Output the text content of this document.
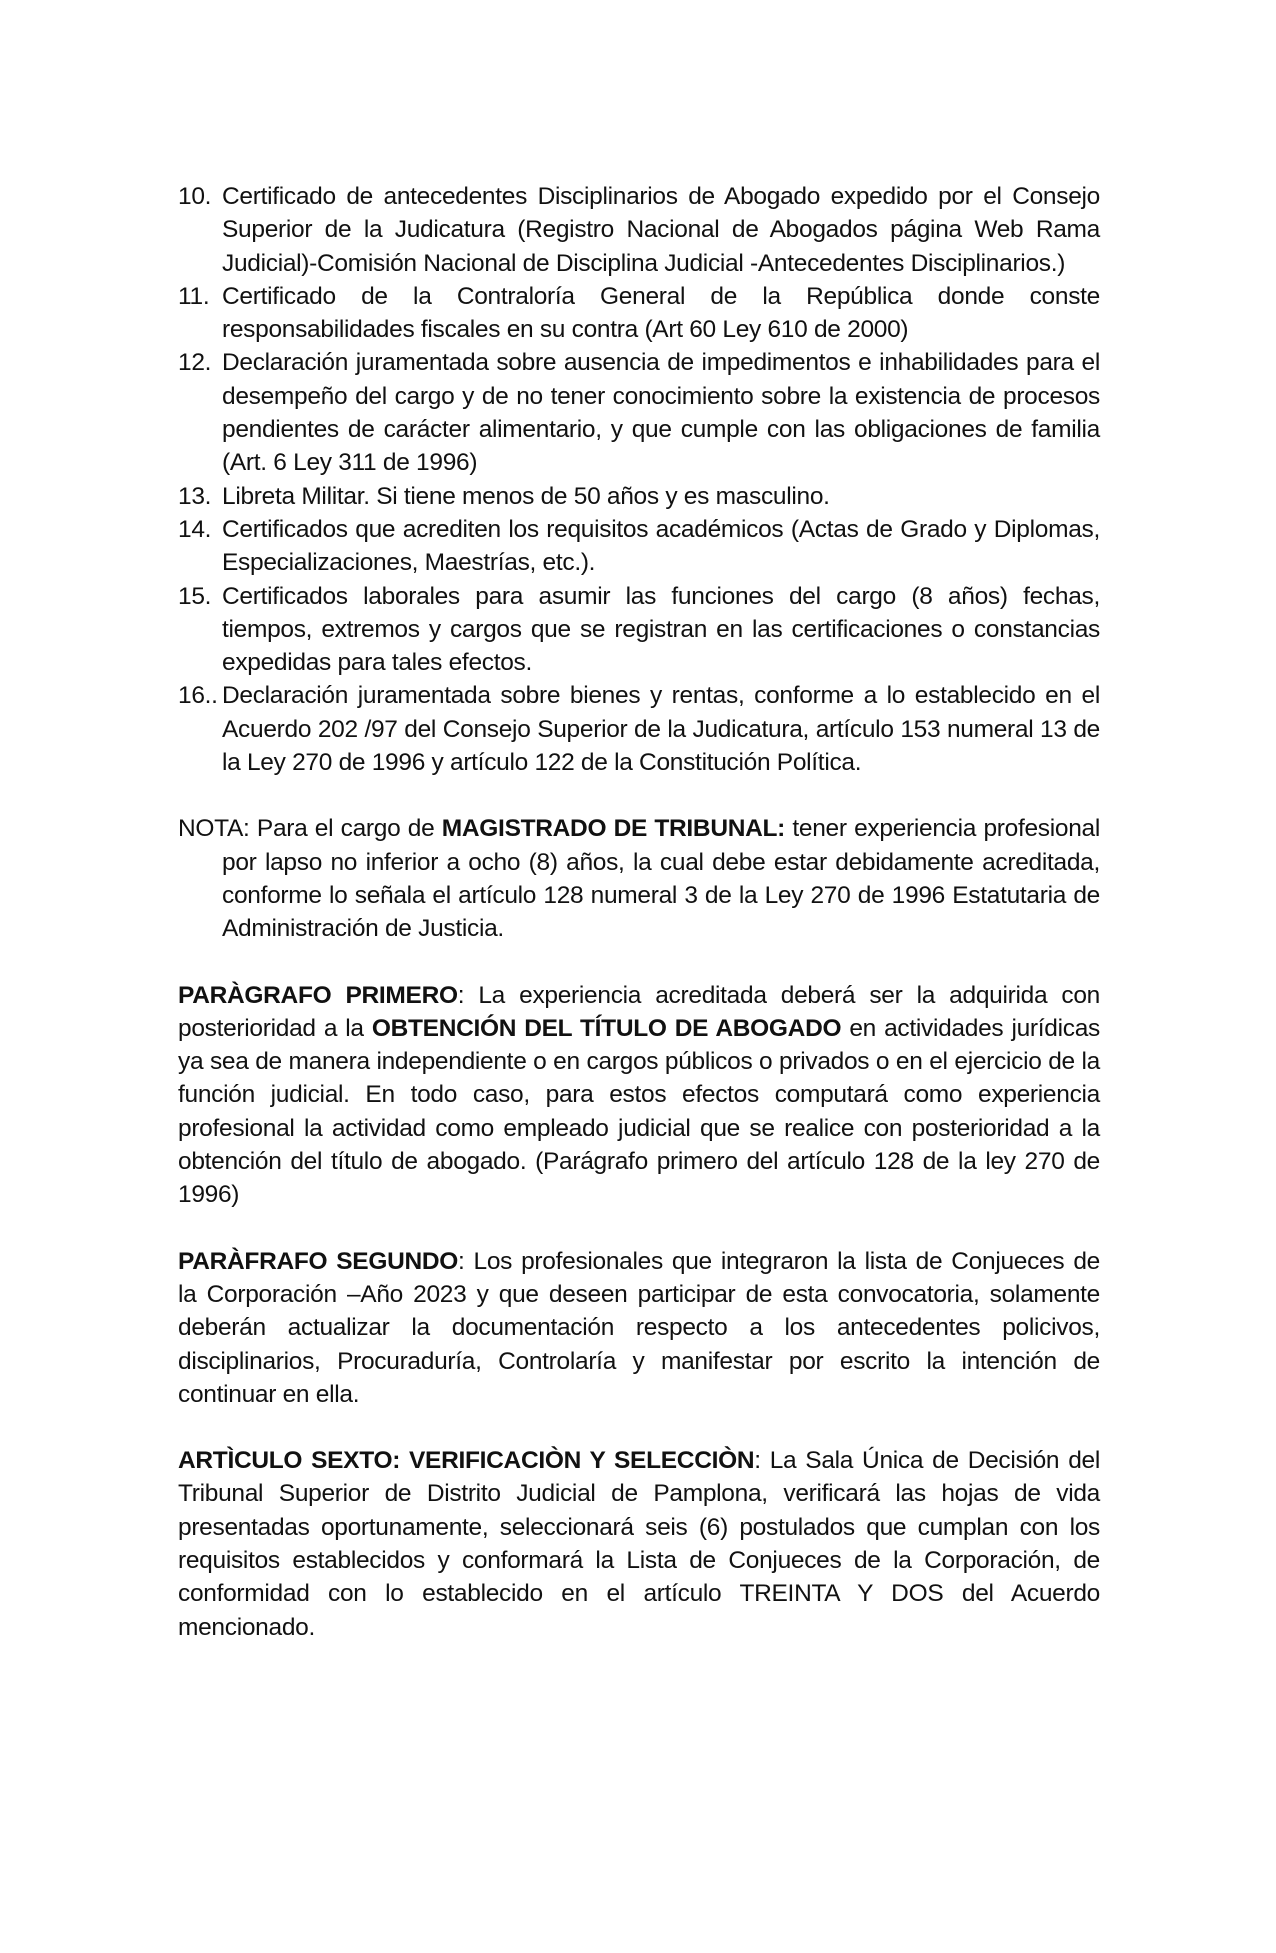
10. Certificado de antecedentes Disciplinarios de Abogado expedido por el Consejo Superior de la Judicatura (Registro Nacional de Abogados página Web Rama Judicial)-Comisión Nacional de Disciplina Judicial -Antecedentes Disciplinarios.)
11. Certificado de la Contraloría General de la República donde conste responsabilidades fiscales en su contra (Art 60 Ley 610 de 2000)
12. Declaración juramentada sobre ausencia de impedimentos e inhabilidades para el desempeño del cargo y de no tener conocimiento sobre la existencia de procesos pendientes de carácter alimentario, y que cumple con las obligaciones de familia (Art. 6 Ley 311 de 1996)
13. Libreta Militar. Si tiene menos de 50 años y es masculino.
14. Certificados que acrediten los requisitos académicos (Actas de Grado y Diplomas, Especializaciones, Maestrías, etc.).
15. Certificados laborales para asumir las funciones del cargo (8 años) fechas, tiempos, extremos y cargos que se registran en las certificaciones o constancias expedidas para tales efectos.
16.. Declaración juramentada sobre bienes y rentas, conforme a lo establecido en el Acuerdo 202 /97 del Consejo Superior de la Judicatura, artículo 153 numeral 13 de la Ley 270 de 1996 y artículo 122 de la Constitución Política.
NOTA: Para el cargo de MAGISTRADO DE TRIBUNAL: tener experiencia profesional por lapso no inferior a ocho (8) años, la cual debe estar debidamente acreditada, conforme lo señala el artículo 128 numeral 3 de la Ley 270 de 1996 Estatutaria de Administración de Justicia.
PARÀGRAFO PRIMERO: La experiencia acreditada deberá ser la adquirida con posterioridad a la OBTENCIÓN DEL TÍTULO DE ABOGADO en actividades jurídicas ya sea de manera independiente o en cargos públicos o privados o en el ejercicio de la función judicial. En todo caso, para estos efectos computará como experiencia profesional la actividad como empleado judicial que se realice con posterioridad a la obtención del título de abogado. (Parágrafo primero del artículo 128 de la ley 270 de 1996)
PARÀFRAFO SEGUNDO: Los profesionales que integraron la lista de Conjueces de la Corporación –Año 2023 y que deseen participar de esta convocatoria, solamente deberán actualizar la documentación respecto a los antecedentes policivos, disciplinarios, Procuraduría, Controlaría y manifestar por escrito la intención de continuar en ella.
ARTÌCULO SEXTO: VERIFICACIÒN Y SELECCIÒN: La Sala Única de Decisión del Tribunal Superior de Distrito Judicial de Pamplona, verificará las hojas de vida presentadas oportunamente, seleccionará seis (6) postulados que cumplan con los requisitos establecidos y conformará la Lista de Conjueces de la Corporación, de conformidad con lo establecido en el artículo TREINTA Y DOS del Acuerdo mencionado.
